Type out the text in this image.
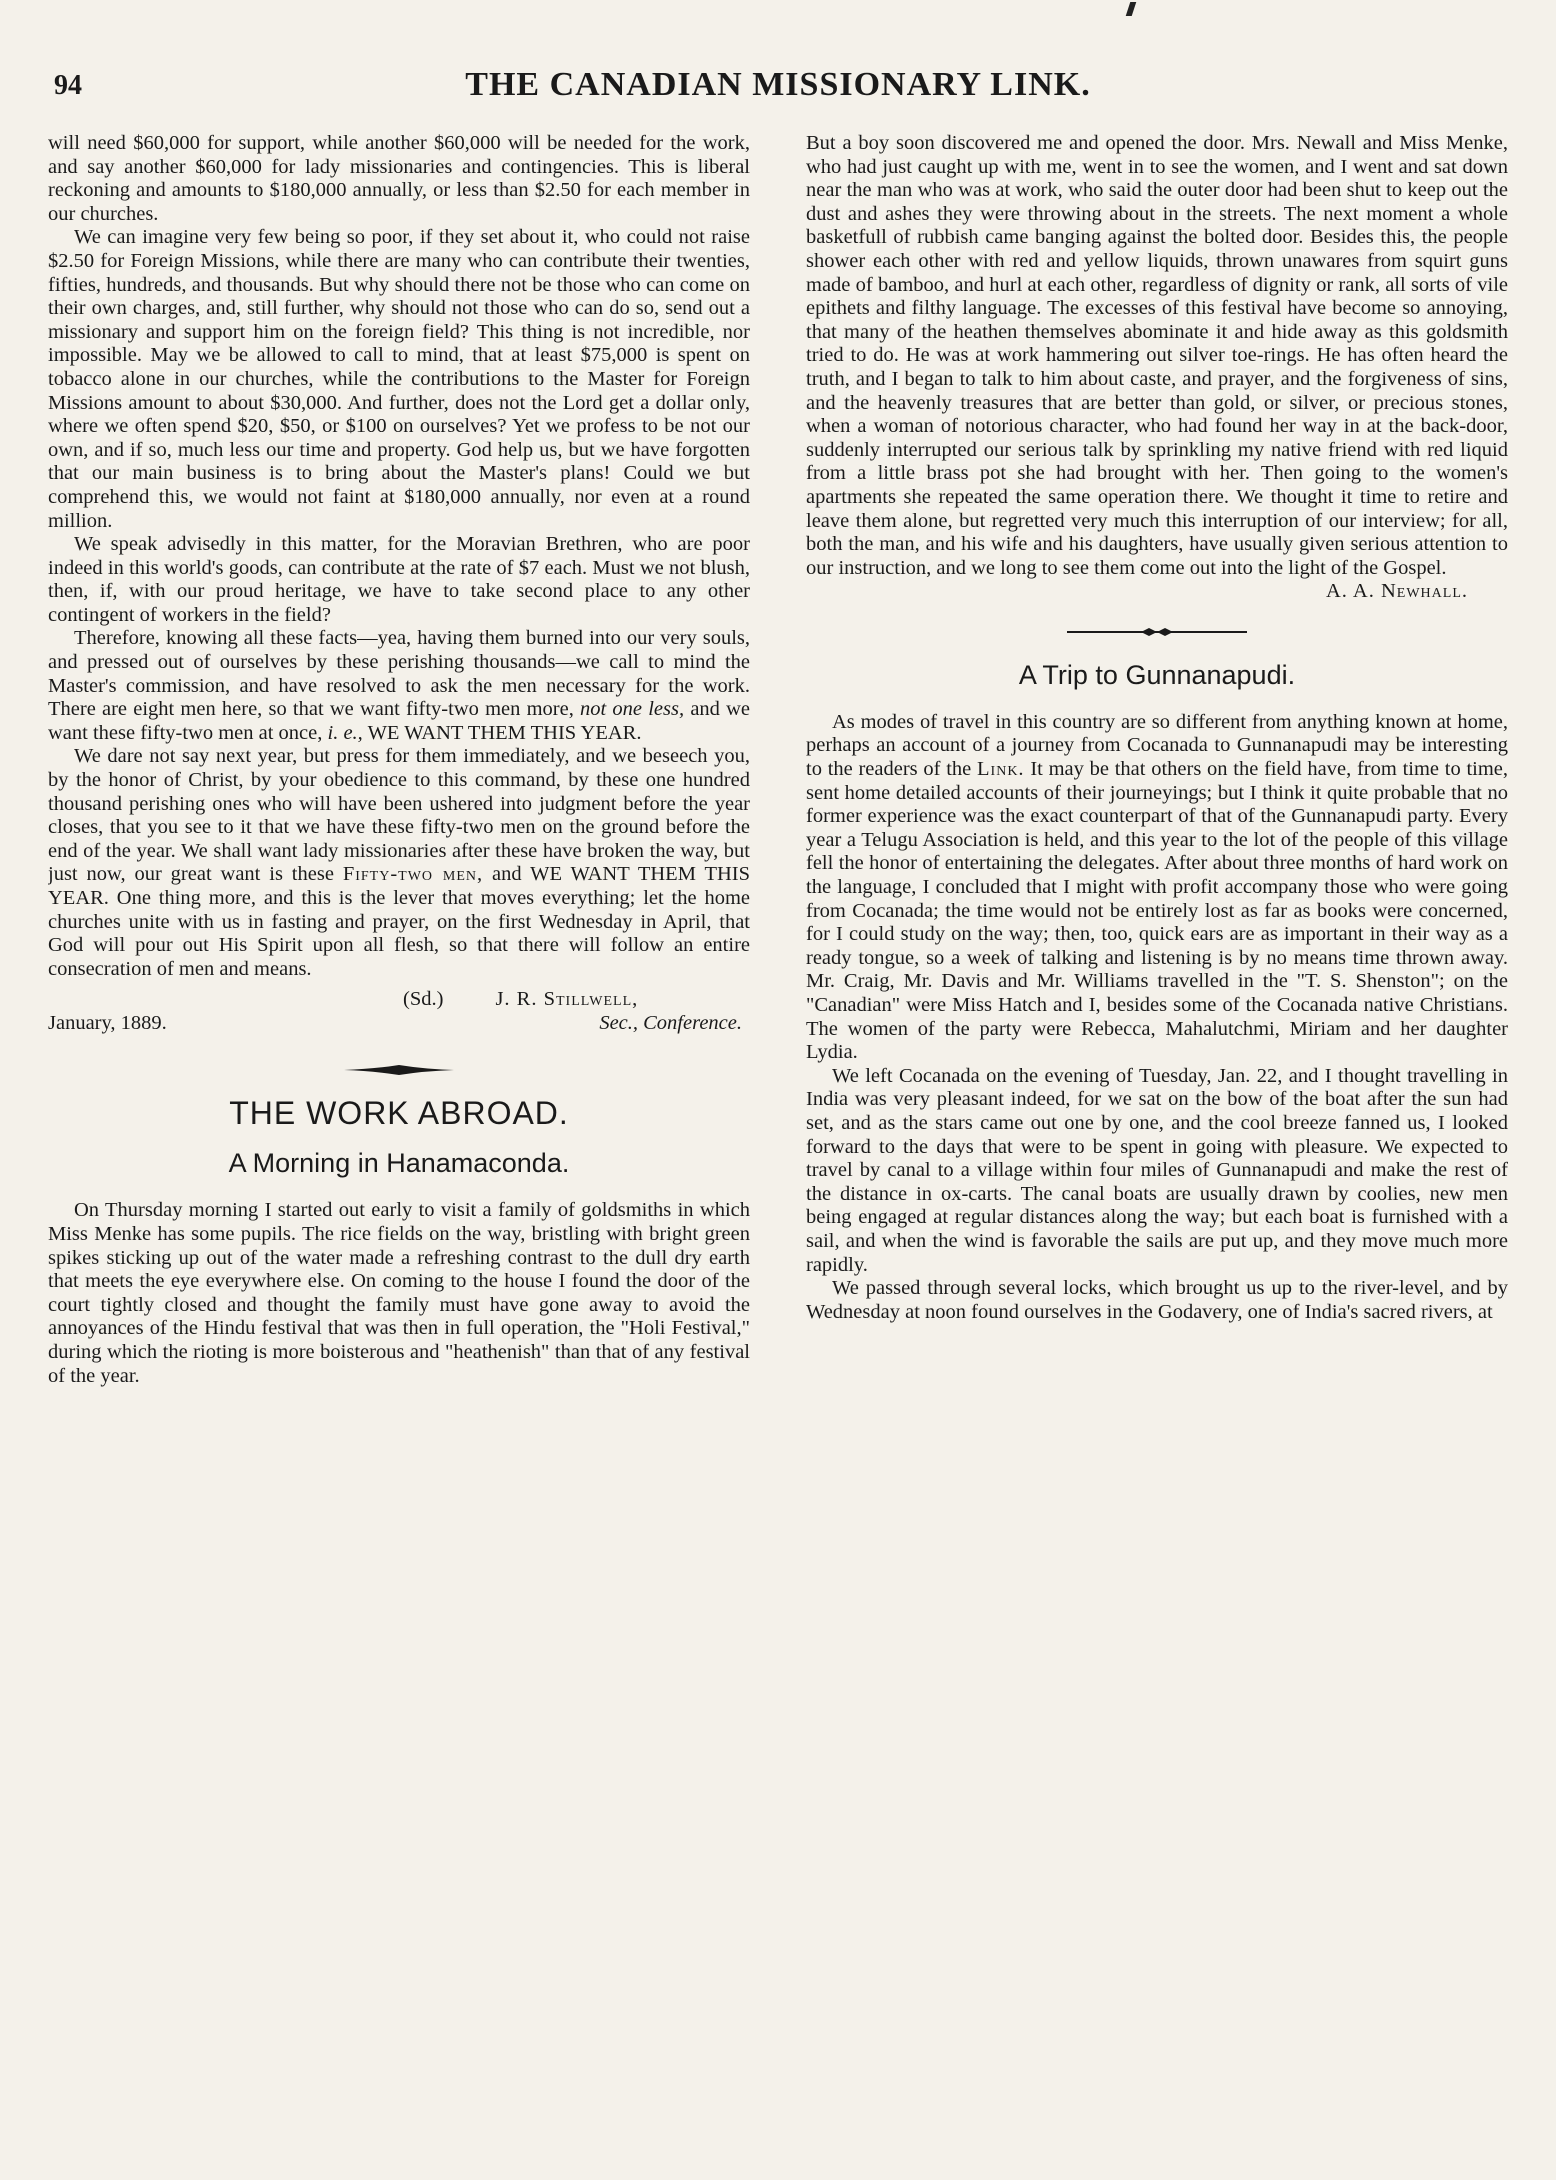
94	THE CANADIAN MISSIONARY LINK.

will need $60,000 for support, while another $60,000 will be needed for the work, and say another $60,000 for lady missionaries and contingencies. This is liberal reckoning and amounts to $180,000 annually, or less than $2.50 for each member in our churches.

We can imagine very few being so poor, if they set about it, who could not raise $2.50 for Foreign Missions, while there are many who can contribute their twenties, fifties, hundreds, and thousands. But why should there not be those who can come on their own charges, and, still further, why should not those who can do so, send out a missionary and support him on the foreign field? This thing is not incredible, nor impossible. May we be allowed to call to mind, that at least $75,000 is spent on tobacco alone in our churches, while the contributions to the Master for Foreign Missions amount to about $30,000. And further, does not the Lord get a dollar only, where we often spend $20, $50, or $100 on ourselves? Yet we profess to be not our own, and if so, much less our time and property. God help us, but we have forgotten that our main business is to bring about the Master's plans! Could we but comprehend this, we would not faint at $180,000 annually, nor even at a round million.

We speak advisedly in this matter, for the Moravian Brethren, who are poor indeed in this world's goods, can contribute at the rate of $7 each. Must we not blush, then, if, with our proud heritage, we have to take second place to any other contingent of workers in the field?

Therefore, knowing all these facts—yea, having them burned into our very souls, and pressed out of ourselves by these perishing thousands—we call to mind the Master's commission, and have resolved to ask the men necessary for the work. There are eight men here, so that we want fifty-two men more, not one less, and we want these fifty-two men at once, i. e., WE WANT THEM THIS YEAR.

We dare not say next year, but press for them immediately, and we beseech you, by the honor of Christ, by your obedience to this command, by these one hundred thousand perishing ones who will have been ushered into judgment before the year closes, that you see to it that we have these fifty-two men on the ground before the end of the year. We shall want lady missionaries after these have broken the way, but just now, our great want is these Fifty-two men, and WE WANT THEM THIS YEAR. One thing more, and this is the lever that moves everything; let the home churches unite with us in fasting and prayer, on the first Wednesday in April, that God will pour out His Spirit upon all flesh, so that there will follow an entire consecration of men and means.

(Sd.)	J. R. Stillwell,
January, 1889.	Sec., Conference.
THE WORK ABROAD.
A Morning in Hanamaconda.

On Thursday morning I started out early to visit a family of goldsmiths in which Miss Menke has some pupils. The rice fields on the way, bristling with bright green spikes sticking up out of the water made a refreshing contrast to the dull dry earth that meets the eye everywhere else. On coming to the house I found the door of the court tightly closed and thought the family must have gone away to avoid the annoyances of the Hindu festival that was then in full operation, the "Holi Festival," during which the rioting is more boisterous and "heathenish" than that of any festival of the year.

But a boy soon discovered me and opened the door. Mrs. Newall and Miss Menke, who had just caught up with me, went in to see the women, and I went and sat down near the man who was at work, who said the outer door had been shut to keep out the dust and ashes they were throwing about in the streets. The next moment a whole basketfull of rubbish came banging against the bolted door. Besides this, the people shower each other with red and yellow liquids, thrown unawares from squirt guns made of bamboo, and hurl at each other, regardless of dignity or rank, all sorts of vile epithets and filthy language. The excesses of this festival have become so annoying, that many of the heathen themselves abominate it and hide away as this goldsmith tried to do. He was at work hammering out silver toe-rings. He has often heard the truth, and I began to talk to him about caste, and prayer, and the forgiveness of sins, and the heavenly treasures that are better than gold, or silver, or precious stones, when a woman of notorious character, who had found her way in at the back-door, suddenly interrupted our serious talk by sprinkling my native friend with red liquid from a little brass pot she had brought with her. Then going to the women's apartments she repeated the same operation there. We thought it time to retire and leave them alone, but regretted very much this interruption of our interview; for all, both the man, and his wife and his daughters, have usually given serious attention to our instruction, and we long to see them come out into the light of the Gospel.

A. A. Newhall.
A Trip to Gunnanapudi.

As modes of travel in this country are so different from anything known at home, perhaps an account of a journey from Cocanada to Gunnanapudi may be interesting to the readers of the Link. It may be that others on the field have, from time to time, sent home detailed accounts of their journeyings; but I think it quite probable that no former experience was the exact counterpart of that of the Gunnanapudi party. Every year a Telugu Association is held, and this year to the lot of the people of this village fell the honor of entertaining the delegates. After about three months of hard work on the language, I concluded that I might with profit accompany those who were going from Cocanada; the time would not be entirely lost as far as books were concerned, for I could study on the way; then, too, quick ears are as important in their way as a ready tongue, so a week of talking and listening is by no means time thrown away. Mr. Craig, Mr. Davis and Mr. Williams travelled in the "T. S. Shenston"; on the "Canadian" were Miss Hatch and I, besides some of the Cocanada native Christians. The women of the party were Rebecca, Mahalutchmi, Miriam and her daughter Lydia.

We left Cocanada on the evening of Tuesday, Jan. 22, and I thought travelling in India was very pleasant indeed, for we sat on the bow of the boat after the sun had set, and as the stars came out one by one, and the cool breeze fanned us, I looked forward to the days that were to be spent in going with pleasure. We expected to travel by canal to a village within four miles of Gunnanapudi and make the rest of the distance in ox-carts. The canal boats are usually drawn by coolies, new men being engaged at regular distances along the way; but each boat is furnished with a sail, and when the wind is favorable the sails are put up, and they move much more rapidly.

We passed through several locks, which brought us up to the river-level, and by Wednesday at noon found ourselves in the Godavery, one of India's sacred rivers, at
